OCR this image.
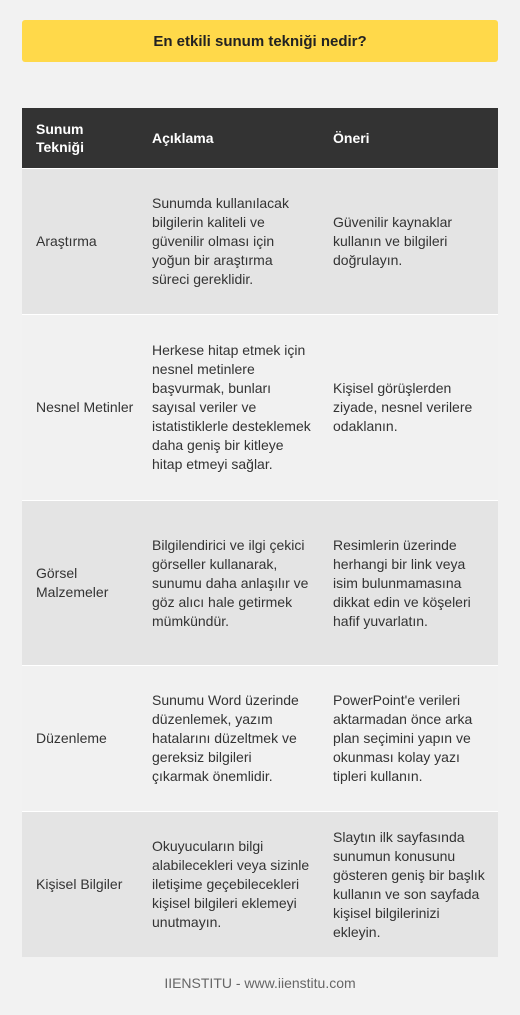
En etkili sunum tekniği nedir?
Sunum Tekniği
Açıklama	Öneri
Araştırma
Sunumda kullanılacak bilgilerin kaliteli ve güvenilir olması için yoğun bir araştırma süreci gereklidir.
Güvenilir kaynaklar kullanın ve bilgileri doğrulayın.
Nesnel Metinler
Herkese hitap etmek için nesnel metinlere başvurmak, bunları sayısal veriler ve istatistiklerle desteklemek daha geniş bir kitleye hitap etmeyi sağlar.
Kişisel görüşlerden ziyade, nesnel verilere odaklanın.
Görsel Malzemeler
Bilgilendirici ve ilgi çekici görseller kullanarak, sunumu daha anlaşılır ve göz alıcı hale getirmek mümkündür.
Resimlerin üzerinde herhangi bir link veya isim bulunmamasına dikkat edin ve köşeleri hafif yuvarlatın.
Düzenleme
Sunumu Word üzerinde düzenlemek, yazım hatalarını düzeltmek ve gereksiz bilgileri çıkarmak önemlidir.
PowerPoint'e verileri aktarmadan önce arka plan seçimini yapın ve okunması kolay yazı tipleri kullanın.
Kişisel Bilgiler
Okuyucuların bilgi alabilecekleri veya sizinle iletişime geçebilecekleri kişisel bilgileri eklemeyi unutmayın.
Slaytın ilk sayfasında sunumun konusunu gösteren geniş bir başlık kullanın ve son sayfada kişisel bilgilerinizi ekleyin.
IIENSTITU - www.iienstitu.com
